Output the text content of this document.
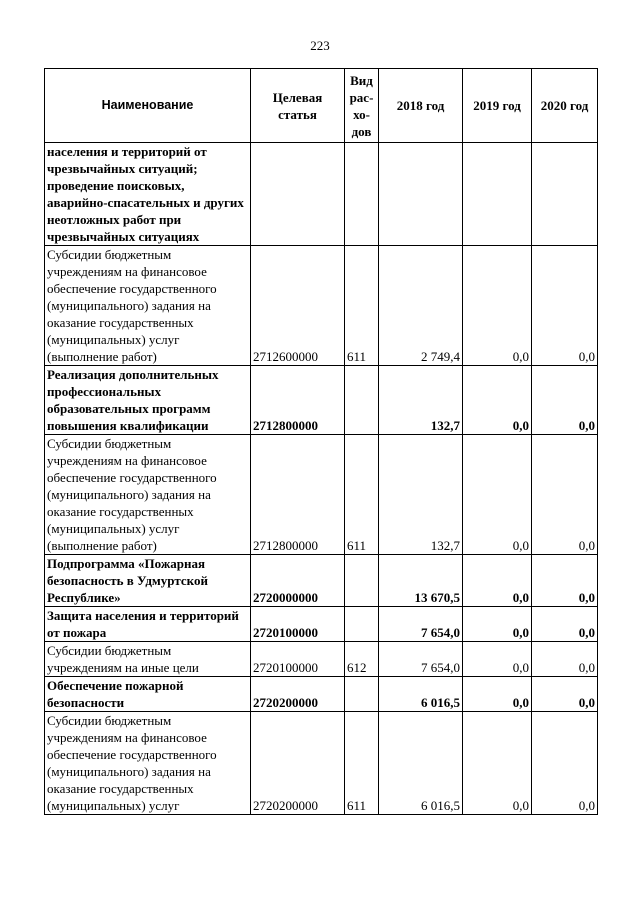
223
Наименование	Целевая статья	Вид рас-хо-дов	2018 год	2019 год	2020 год
населения и территорий от чрезвычайных ситуаций; проведение поисковых, аварийно-спасательных и других неотложных работ при чрезвычайных ситуациях					
Субсидии бюджетным учреждениям на финансовое обеспечение государственного (муниципального) задания на оказание государственных (муниципальных) услуг (выполнение работ)	2712600000	611	2 749,4	0,0	0,0
Реализация дополнительных профессиональных образовательных программ повышения квалификации	2712800000		132,7	0,0	0,0
Субсидии бюджетным учреждениям на финансовое обеспечение государственного (муниципального) задания на оказание государственных (муниципальных) услуг (выполнение работ)	2712800000	611	132,7	0,0	0,0
Подпрограмма «Пожарная безопасность в Удмуртской Республике»	2720000000		13 670,5	0,0	0,0
Защита населения и территорий от пожара	2720100000		7 654,0	0,0	0,0
Субсидии бюджетным учреждениям на иные цели	2720100000	612	7 654,0	0,0	0,0
Обеспечение пожарной безопасности	2720200000		6 016,5	0,0	0,0
Субсидии бюджетным учреждениям на финансовое обеспечение государственного (муниципального) задания на оказание государственных (муниципальных) услуг	2720200000	611	6 016,5	0,0	0,0
